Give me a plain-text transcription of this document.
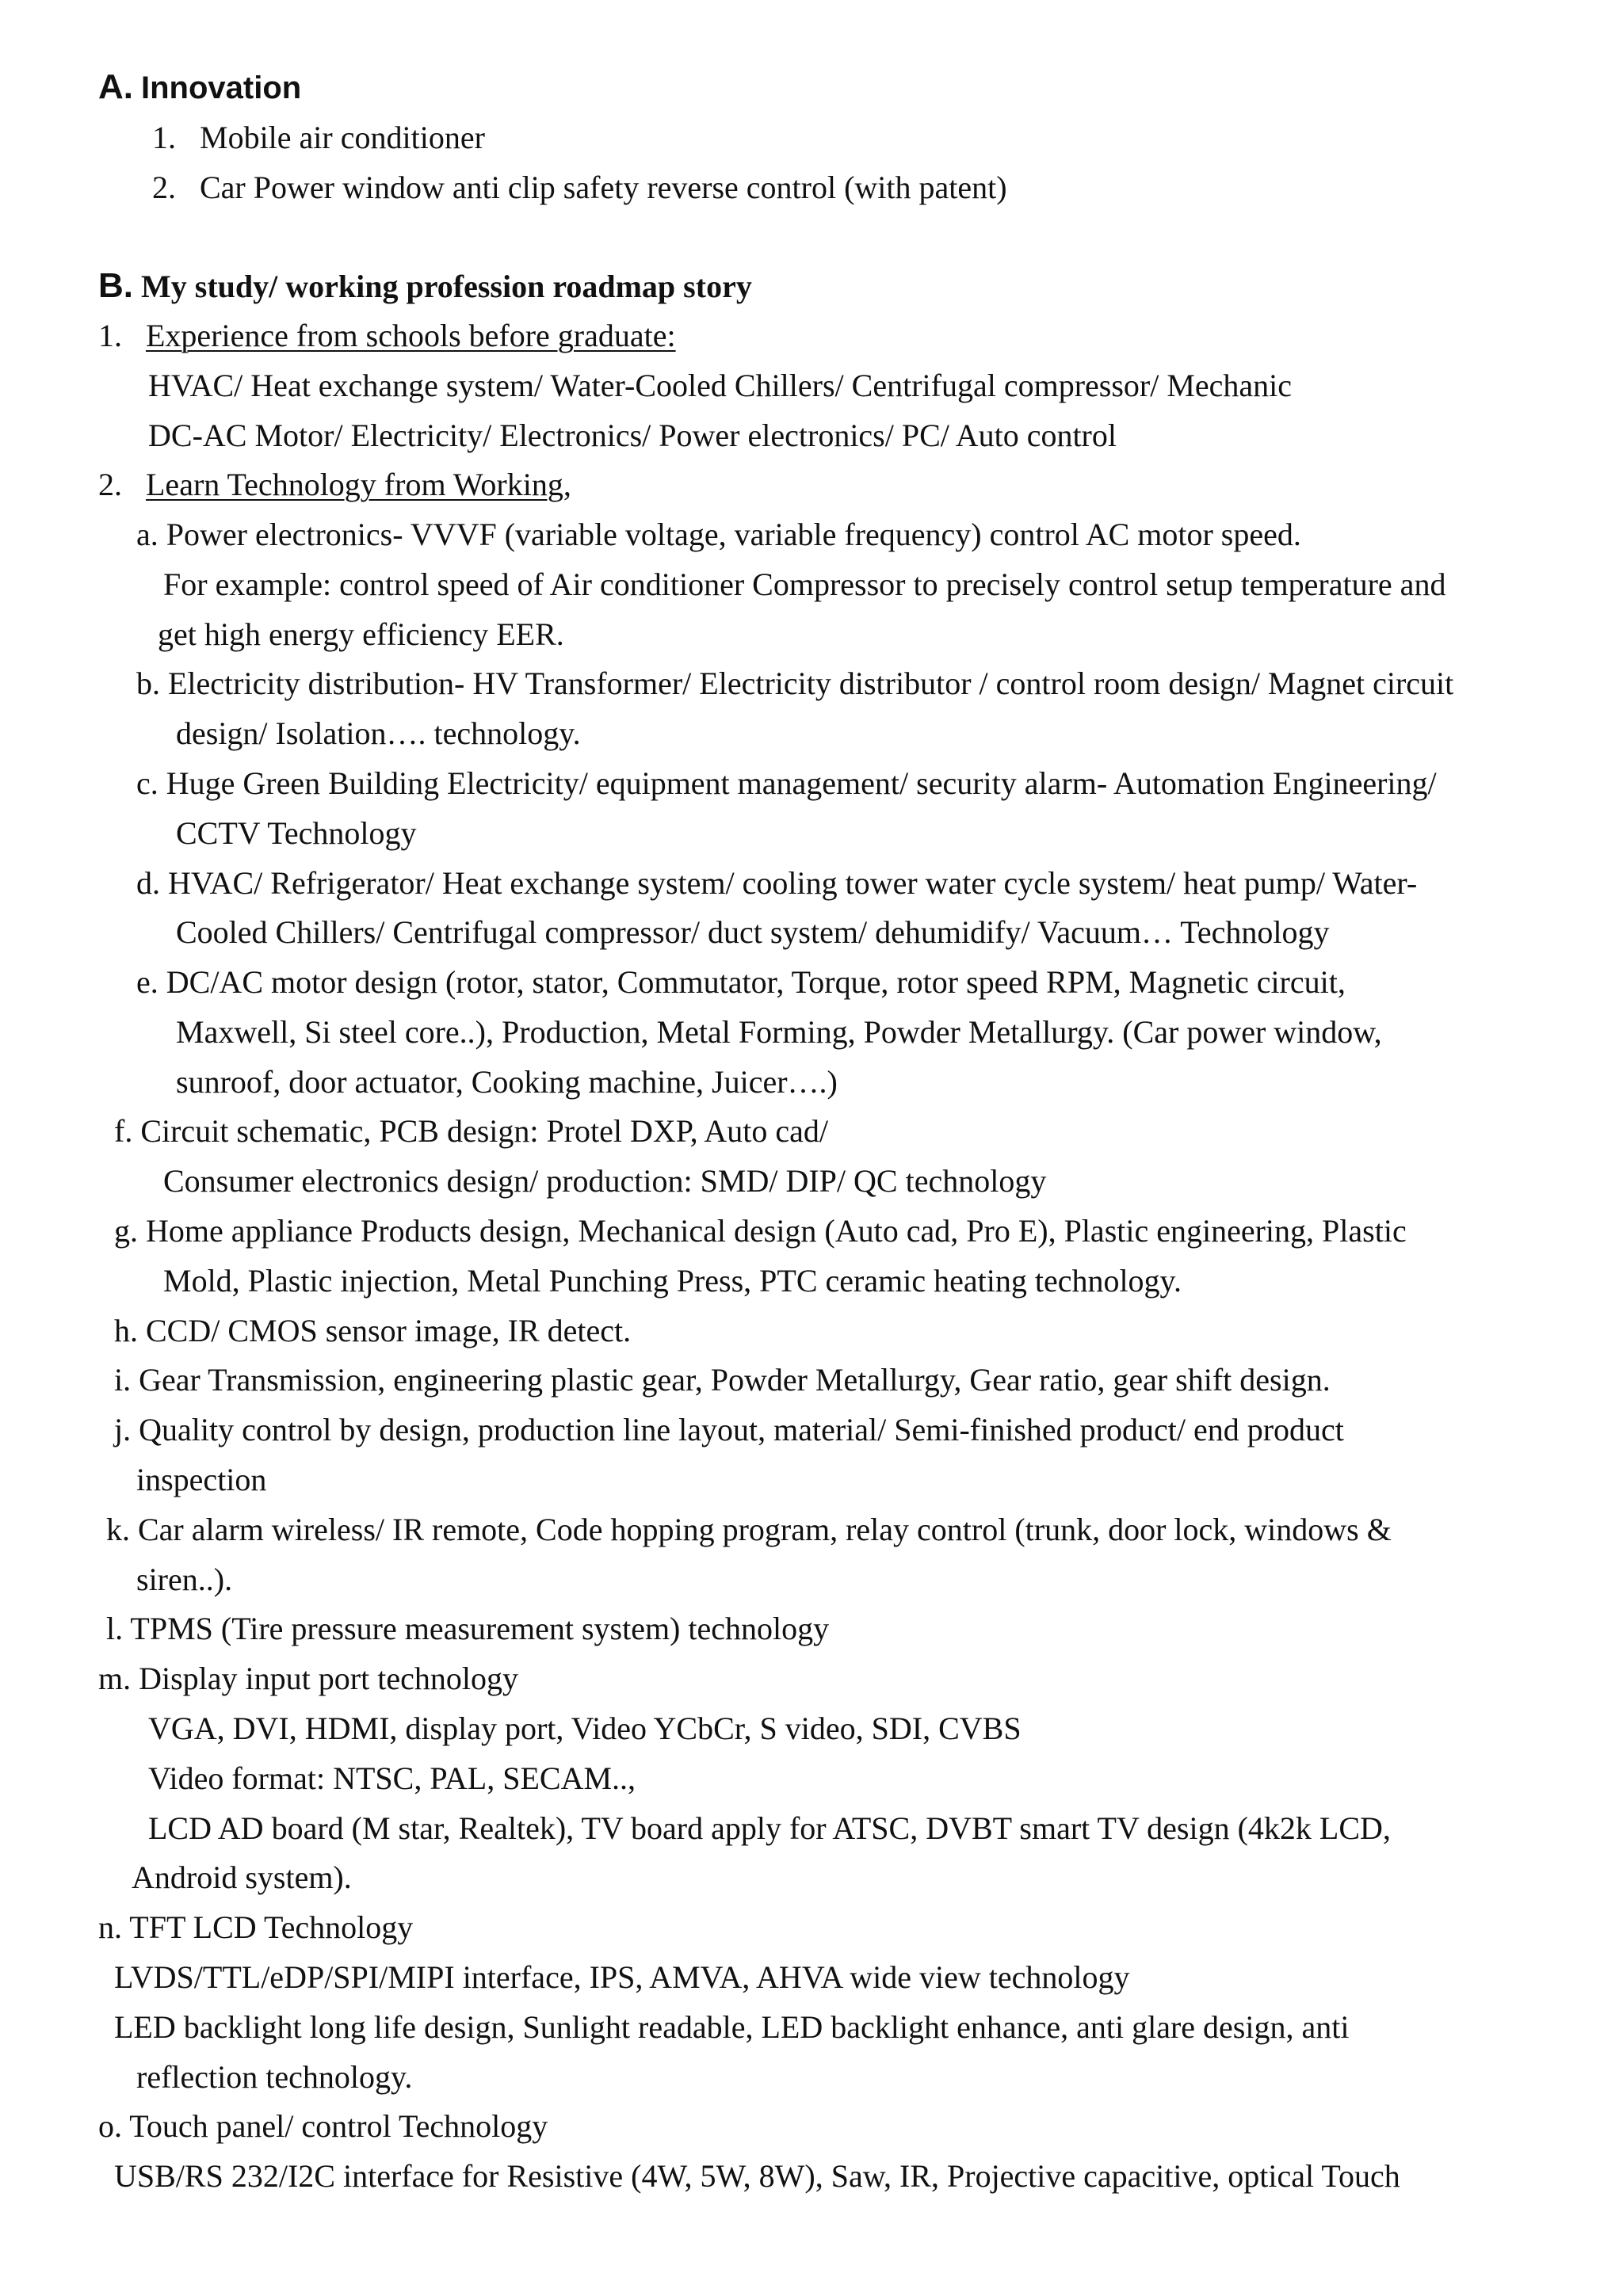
A. Innovation
1. Mobile air conditioner
2. Car Power window anti clip safety reverse control (with patent)
B. My study/ working profession roadmap story
1. Experience from schools before graduate:
HVAC/ Heat exchange system/ Water-Cooled Chillers/ Centrifugal compressor/ Mechanic
DC-AC Motor/ Electricity/ Electronics/ Power electronics/ PC/ Auto control
2. Learn Technology from Working,
a. Power electronics- VVVF (variable voltage, variable frequency) control AC motor speed.
For example: control speed of Air conditioner Compressor to precisely control setup temperature and
get high energy efficiency EER.
b. Electricity distribution- HV Transformer/ Electricity distributor / control room design/ Magnet circuit
design/ Isolation…. technology.
c. Huge Green Building Electricity/ equipment management/ security alarm- Automation Engineering/
CCTV Technology
d. HVAC/ Refrigerator/ Heat exchange system/ cooling tower water cycle system/ heat pump/ Water-
Cooled Chillers/ Centrifugal compressor/ duct system/ dehumidify/ Vacuum… Technology
e. DC/AC motor design (rotor, stator, Commutator, Torque, rotor speed RPM, Magnetic circuit,
Maxwell, Si steel core..), Production, Metal Forming, Powder Metallurgy. (Car power window,
sunroof, door actuator, Cooking machine, Juicer….)
f. Circuit schematic, PCB design: Protel DXP, Auto cad/
Consumer electronics design/ production: SMD/ DIP/ QC technology
g. Home appliance Products design, Mechanical design (Auto cad, Pro E), Plastic engineering, Plastic
Mold, Plastic injection, Metal Punching Press, PTC ceramic heating technology.
h. CCD/ CMOS sensor image, IR detect.
i. Gear Transmission, engineering plastic gear, Powder Metallurgy, Gear ratio, gear shift design.
j. Quality control by design, production line layout, material/ Semi-finished product/ end product
inspection
k. Car alarm wireless/ IR remote, Code hopping program, relay control (trunk, door lock, windows &
siren..).
l. TPMS (Tire pressure measurement system) technology
m. Display input port technology
VGA, DVI, HDMI, display port, Video YCbCr, S video, SDI, CVBS
Video format: NTSC, PAL, SECAM..,
LCD AD board (M star, Realtek), TV board apply for ATSC, DVBT smart TV design (4k2k LCD,
Android system).
n. TFT LCD Technology
LVDS/TTL/eDP/SPI/MIPI interface, IPS, AMVA, AHVA wide view technology
LED backlight long life design, Sunlight readable, LED backlight enhance, anti glare design, anti
reflection technology.
o. Touch panel/ control Technology
USB/RS 232/I2C interface for Resistive (4W, 5W, 8W), Saw, IR, Projective capacitive, optical Touch
